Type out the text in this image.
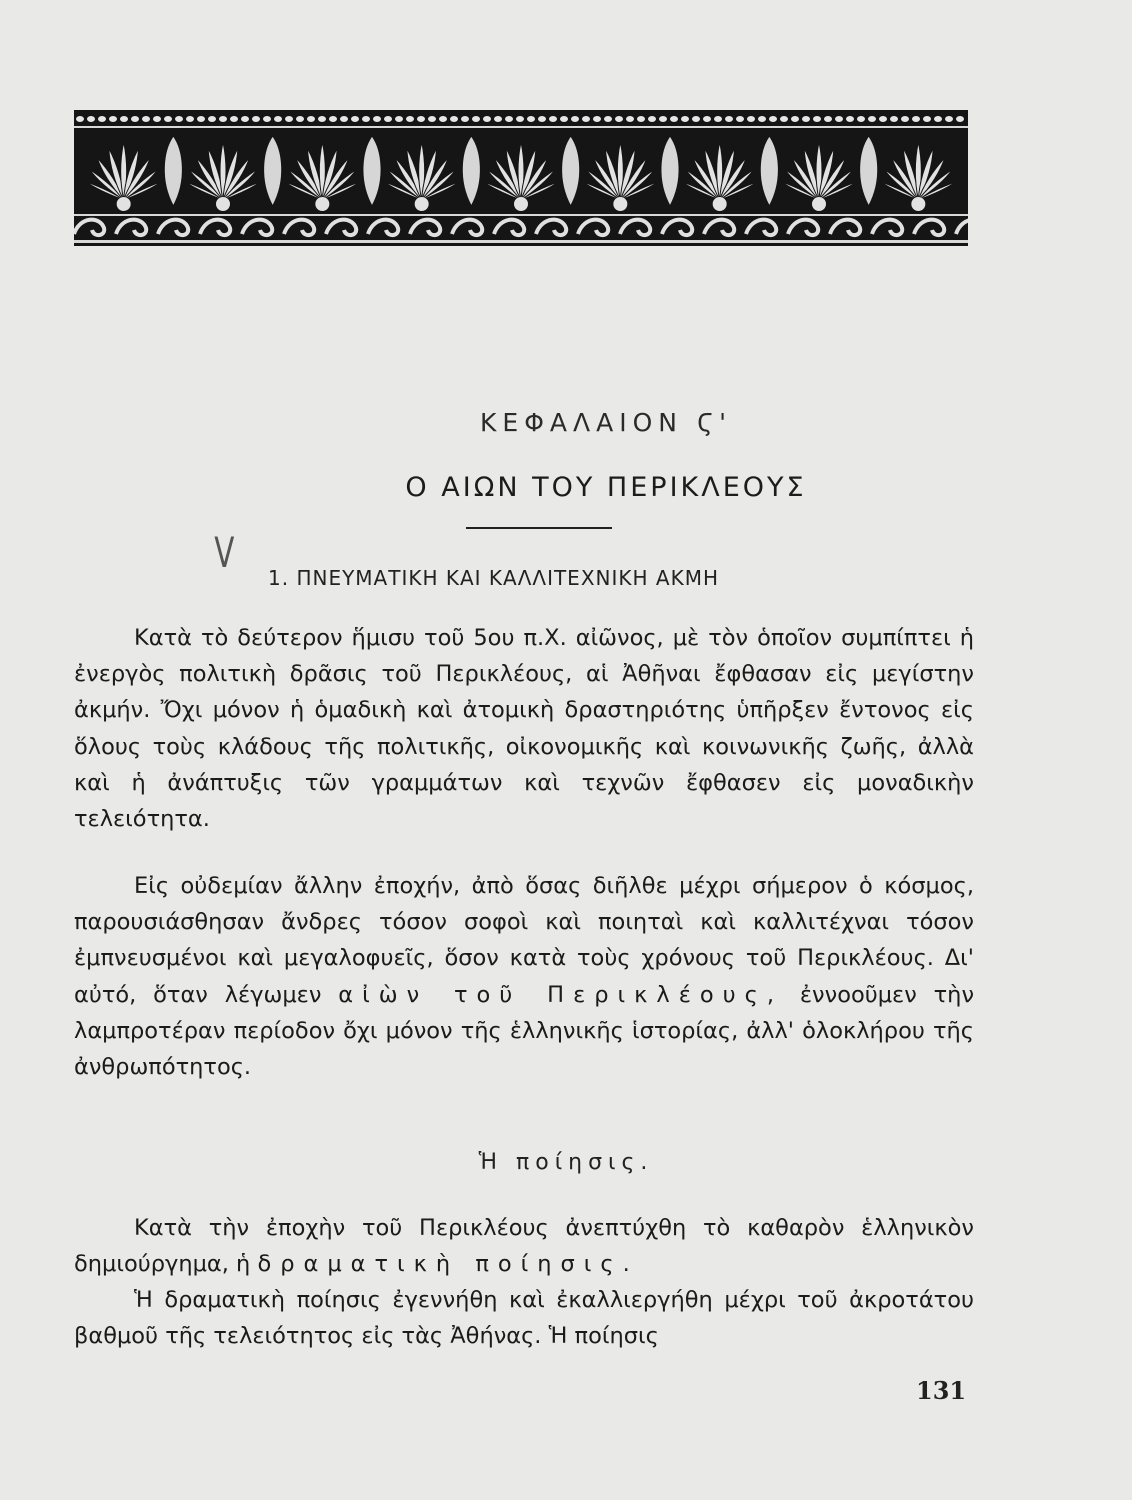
ΚΕΦΑΛΑΙΟΝ Ϛ'
Ο ΑΙΩΝ ΤΟΥ ΠΕΡΙΚΛΕΟΥΣ
V
1. ΠΝΕΥΜΑΤΙΚΗ ΚΑΙ ΚΑΛΛΙΤΕΧΝΙΚΗ ΑΚΜΗ

Κατὰ τὸ δεύτερον ἥμισυ τοῦ 5ου π.Χ. αἰῶνος, μὲ τὸν ὁποῖον συμπίπτει ἡ ἐνεργὸς πολιτικὴ δρᾶσις τοῦ Περικλέους, αἱ Ἀθῆναι ἔφθασαν εἰς μεγίστην ἀκμήν. Ὄχι μόνον ἡ ὁμαδικὴ καὶ ἀτομικὴ δραστηριότης ὑπῆρξεν ἔντονος εἰς ὅλους τοὺς κλάδους τῆς πολιτικῆς, οἰκονομικῆς καὶ κοινωνικῆς ζωῆς, ἀλλὰ καὶ ἡ ἀνάπτυξις τῶν γραμμάτων καὶ τεχνῶν ἔφθασεν εἰς μοναδικὴν τελειότητα.

Εἰς οὐδεμίαν ἄλλην ἐποχήν, ἀπὸ ὅσας διῆλθε μέχρι σήμερον ὁ κόσμος, παρουσιάσθησαν ἄνδρες τόσον σοφοὶ καὶ ποιηταὶ καὶ καλλιτέχναι τόσον ἐμπνευσμένοι καὶ μεγαλοφυεῖς, ὅσον κατὰ τοὺς χρόνους τοῦ Περικλέους. Δι' αὐτό, ὅταν λέγωμεν αἰὼν τοῦ Περικλέους, ἐννοοῦμεν τὴν λαμπροτέραν περίοδον ὄχι μόνον τῆς ἑλληνικῆς ἱστορίας, ἀλλ' ὁλοκλήρου τῆς ἀνθρωπότητος.

Ἡ ποίησις.

Κατὰ τὴν ἐποχὴν τοῦ Περικλέους ἀνεπτύχθη τὸ καθαρὸν ἑλληνικὸν δημιούργημα, ἡ δραματικὴ ποίησις.

Ἡ δραματικὴ ποίησις ἐγεννήθη καὶ ἐκαλλιεργήθη μέχρι τοῦ ἀκροτάτου βαθμοῦ τῆς τελειότητος εἰς τὰς Ἀθήνας. Ἡ ποίησις

131
